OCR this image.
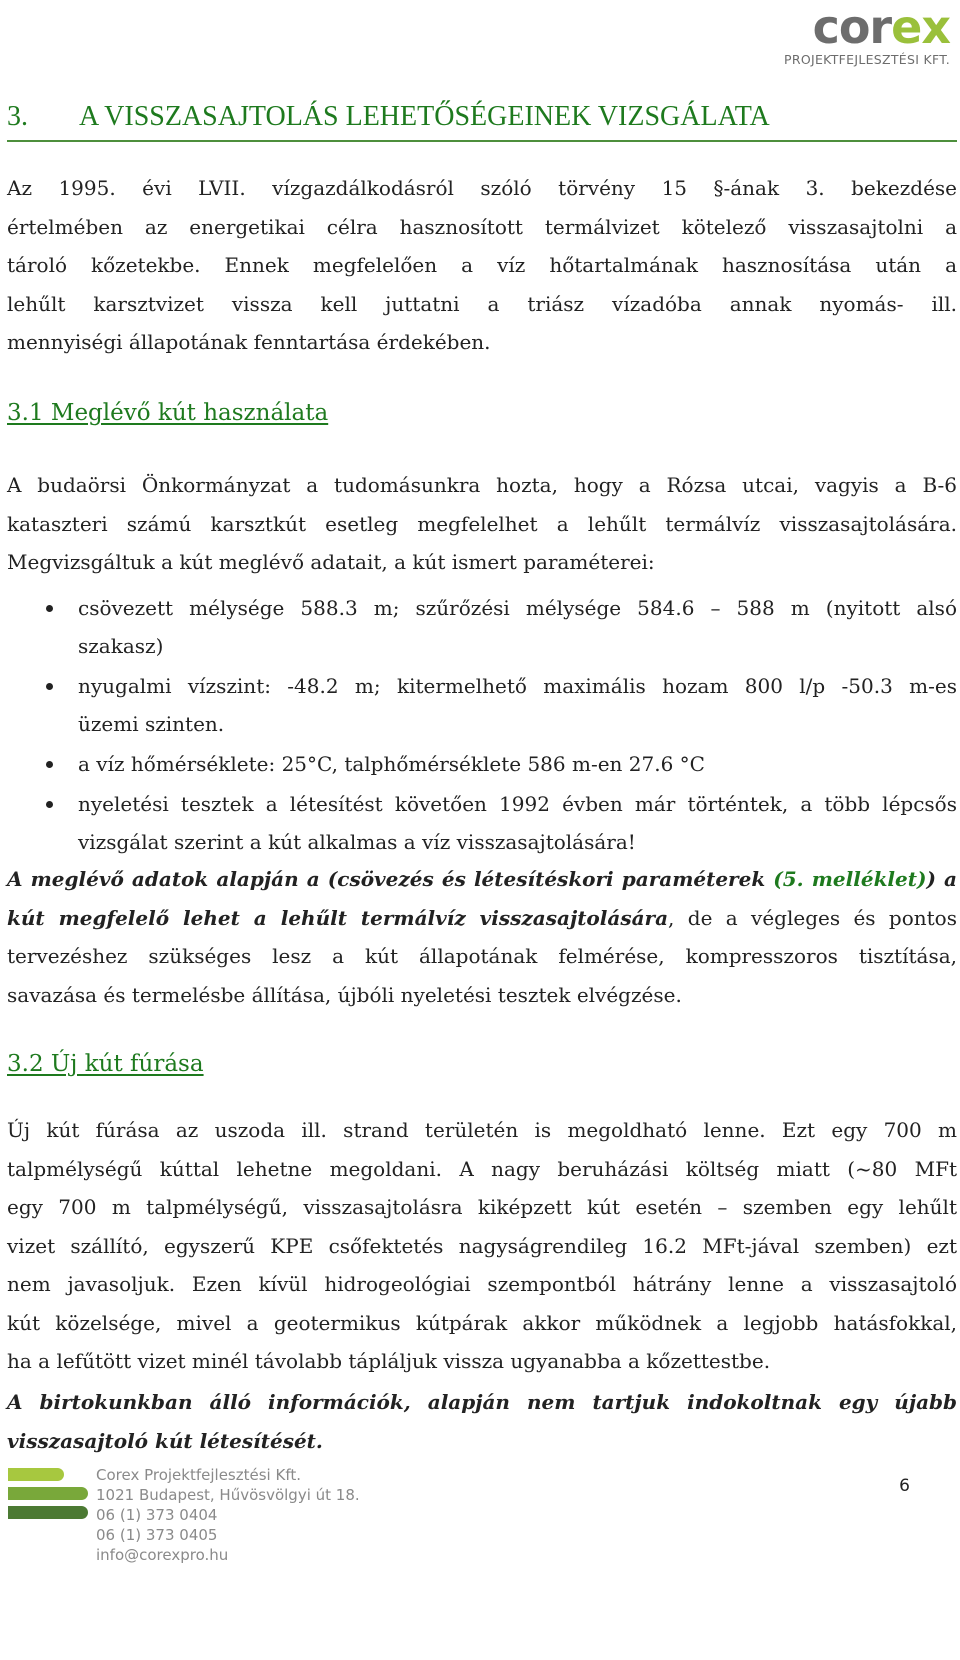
corex
PROJEKTFEJLESZTÉSI KFT.
3. A VISSZASAJTOLÁS LEHETŐSÉGEINEK VIZSGÁLATA
Az 1995. évi LVII. vízgazdálkodásról szóló törvény 15 §-ának 3. bekezdése
értelmében az energetikai célra hasznosított termálvizet kötelező visszasajtolni a
tároló kőzetekbe. Ennek megfelelően a víz hőtartalmának hasznosítása után a
lehűlt karsztvizet vissza kell juttatni a triász vízadóba annak nyomás- ill.
mennyiségi állapotának fenntartása érdekében.
3.1 Meglévő kút használata
A budaörsi Önkormányzat a tudomásunkra hozta, hogy a Rózsa utcai, vagyis a B-6
kataszteri számú karsztkút esetleg megfelelhet a lehűlt termálvíz visszasajtolására.
Megvizsgáltuk a kút meglévő adatait, a kút ismert paraméterei:
csövezett mélysége 588.3 m; szűrőzési mélysége 584.6 – 588 m (nyitott alsó
szakasz)
nyugalmi vízszint: -48.2 m; kitermelhető maximális hozam 800 l/p -50.3 m-es
üzemi szinten.
a víz hőmérséklete: 25°C, talphőmérséklete 586 m-en 27.6 °C
nyeletési tesztek a létesítést követően 1992 évben már történtek, a több lépcsős
vizsgálat szerint a kút alkalmas a víz visszasajtolására!
A meglévő adatok alapján a (csövezés és létesítéskori paraméterek (5. melléklet)) a
kút megfelelő lehet a lehűlt termálvíz visszasajtolására, de a végleges és pontos
tervezéshez szükséges lesz a kút állapotának felmérése, kompresszoros tisztítása,
savazása és termelésbe állítása, újbóli nyeletési tesztek elvégzése.
3.2 Új kút fúrása
Új kút fúrása az uszoda ill. strand területén is megoldható lenne. Ezt egy 700 m
talpmélységű kúttal lehetne megoldani. A nagy beruházási költség miatt (~80 MFt
egy 700 m talpmélységű, visszasajtolásra kiképzett kút esetén – szemben egy lehűlt
vizet szállító, egyszerű KPE csőfektetés nagyságrendileg 16.2 MFt-jával szemben) ezt
nem javasoljuk. Ezen kívül hidrogeológiai szempontból hátrány lenne a visszasajtoló
kút közelsége, mivel a geotermikus kútpárak akkor működnek a legjobb hatásfokkal,
ha a lefűtött vizet minél távolabb tápláljuk vissza ugyanabba a kőzettestbe.
A birtokunkban álló információk, alapján nem tartjuk indokoltnak egy újabb
visszasajtoló kút létesítését.
Corex Projektfejlesztési Kft.
1021 Budapest, Hűvösvölgyi út 18.
06 (1) 373 0404
06 (1) 373 0405
info@corexpro.hu
6
